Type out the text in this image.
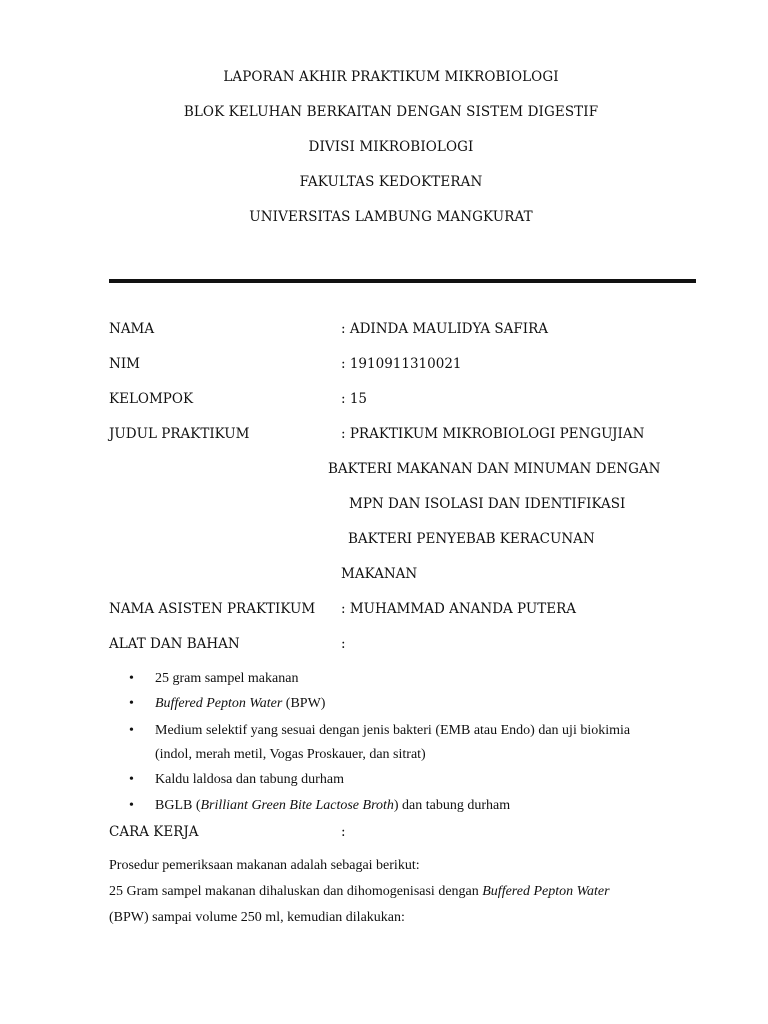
LAPORAN AKHIR PRAKTIKUM MIKROBIOLOGI
BLOK KELUHAN BERKAITAN DENGAN SISTEM DIGESTIF
DIVISI MIKROBIOLOGI
FAKULTAS KEDOKTERAN
UNIVERSITAS LAMBUNG MANGKURAT
NAMA	: ADINDA MAULIDYA SAFIRA
NIM	: 1910911310021
KELOMPOK	: 15
JUDUL PRAKTIKUM	: PRAKTIKUM MIKROBIOLOGI PENGUJIAN
BAKTERI MAKANAN DAN MINUMAN DENGAN
MPN DAN ISOLASI DAN IDENTIFIKASI
BAKTERI PENYEBAB KERACUNAN
MAKANAN
NAMA ASISTEN PRAKTIKUM : MUHAMMAD ANANDA PUTERA
ALAT DAN BAHAN	:
• 25 gram sampel makanan
• Buffered Pepton Water (BPW)
• Medium selektif yang sesuai dengan jenis bakteri (EMB atau Endo) dan uji biokimia
(indol, merah metil, Vogas Proskauer, dan sitrat)
• Kaldu laldosa dan tabung durham
• BGLB (Brilliant Green Bite Lactose Broth) dan tabung durham
CARA KERJA	:
Prosedur pemeriksaan makanan adalah sebagai berikut:
25 Gram sampel makanan dihaluskan dan dihomogenisasi dengan Buffered Pepton Water
(BPW) sampai volume 250 ml, kemudian dilakukan:
